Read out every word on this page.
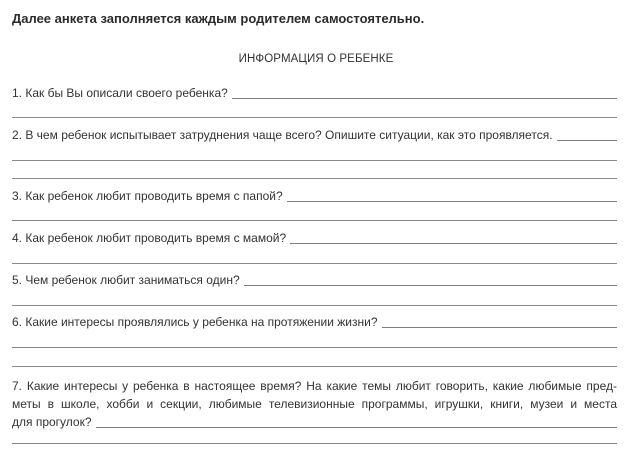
Далее анкета заполняется каждым родителем самостоятельно.
ИНФОРМАЦИЯ О РЕБЕНКЕ
1. Как бы Вы описали своего ребенка?
2. В чем ребенок испытывает затруднения чаще всего? Опишите ситуации, как это проявляется.
3. Как ребенок любит проводить время с папой?
4. Как ребенок любит проводить время с мамой?
5. Чем ребенок любит заниматься один?
6. Какие интересы проявлялись у ребенка на протяжении жизни?
7. Какие интересы у ребенка в настоящее время? На какие темы любит говорить, какие любимые пред-
меты в школе, хобби и секции, любимые телевизионные программы, игрушки, книги, музеи и места
для прогулок?
